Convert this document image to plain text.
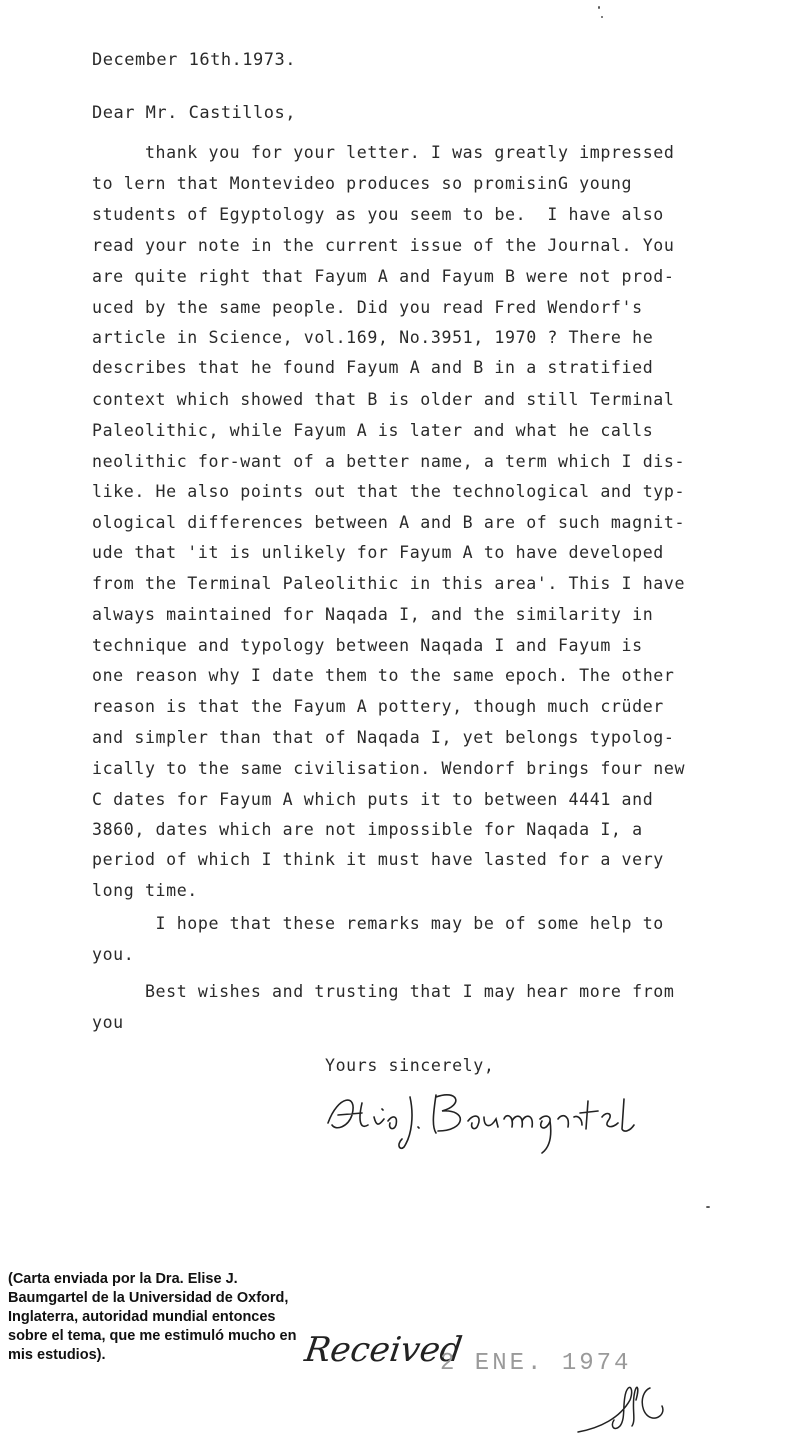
December 16th.1973.
Dear Mr. Castillos,
thank you for your letter. I was greatly impressed
to lern that Montevideo produces so promisinG young
students of Egyptology as you seem to be.  I have also
read your note in the current issue of the Journal. You
are quite right that Fayum A and Fayum B were not prod-
uced by the same people. Did you read Fred Wendorf's
article in Science, vol.169, No.3951, 1970 ? There he
describes that he found Fayum A and B in a stratified
context which showed that B is older and still Terminal
Paleolithic, while Fayum A is later and what he calls
neolithic for-want of a better name, a term which I dis-
like. He also points out that the technological and typ-
ological differences between A and B are of such magnit-
ude that 'it is unlikely for Fayum A to have developed
from the Terminal Paleolithic in this area'. This I have
always maintained for Naqada I, and the similarity in
technique and typology between Naqada I and Fayum is
one reason why I date them to the same epoch. The other
reason is that the Fayum A pottery, though much crüder
and simpler than that of Naqada I, yet belongs typolog-
ically to the same civilisation. Wendorf brings four new
C dates for Fayum A which puts it to between 4441 and
3860, dates which are not impossible for Naqada I, a
period of which I think it must have lasted for a very
long time.
I hope that these remarks may be of some help to
you.
Best wishes and trusting that I may hear more from
you
Yours sincerely,
(Carta enviada por la Dra. Elise J. Baumgartel de la Universidad de Oxford, Inglaterra, autoridad mundial entonces sobre el tema, que me estimuló mucho en mis estudios).	Received
2 ENE. 1974
